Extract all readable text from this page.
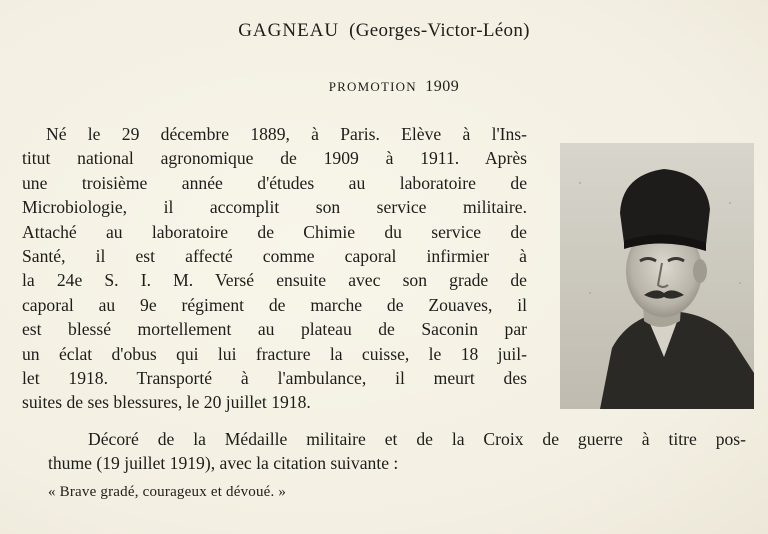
GAGNEAU (Georges-Victor-Léon)
PROMOTION 1909
Né le 29 décembre 1889, à Paris. Elève à l'Ins-
titut national agronomique de 1909 à 1911. Après
une troisième année d'études au laboratoire de
Microbiologie, il accomplit son service militaire.
Attaché au laboratoire de Chimie du service de
Santé, il est affecté comme caporal infirmier à
la 24e S. I. M. Versé ensuite avec son grade de
caporal au 9e régiment de marche de Zouaves, il
est blessé mortellement au plateau de Saconin par
un éclat d'obus qui lui fracture la cuisse, le 18 juil-
let 1918. Transporté à l'ambulance, il meurt des
suites de ses blessures, le 20 juillet 1918.
Décoré de la Médaille militaire et de la Croix de guerre à titre pos-
thume (19 juillet 1919), avec la citation suivante :
« Brave gradé, courageux et dévoué. »
